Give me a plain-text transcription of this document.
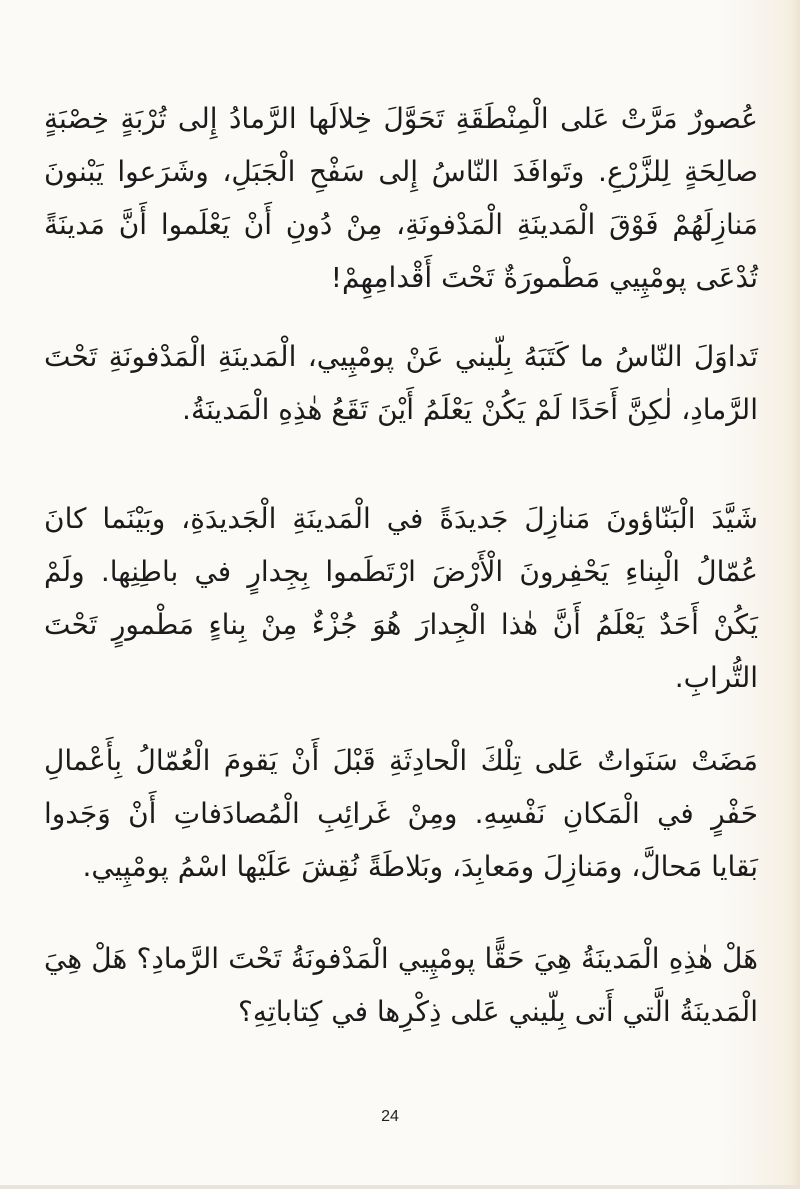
عُصورٌ مَرَّتْ عَلى الْمِنْطَقَةِ تَحَوَّلَ خِلالَها الرَّمادُ إِلى تُرْبَةٍ خِصْبَةٍ
صالِحَةٍ لِلزَّرْعِ. وتَوافَدَ النّاسُ إِلى سَفْحِ الْجَبَلِ، وشَرَعوا يَبْنونَ
مَنازِلَهُمْ فَوْقَ الْمَدينَةِ الْمَدْفونَةِ، مِنْ دُونِ أَنْ يَعْلَموا أَنَّ مَدينَةً
تُدْعَى پومْپِيي مَطْمورَةٌ تَحْتَ أَقْدامِهِمْ!
تَداوَلَ النّاسُ ما كَتَبَهُ بِلّيني عَنْ پومْپِيي، الْمَدينَةِ الْمَدْفونَةِ تَحْتَ
الرَّمادِ، لٰكِنَّ أَحَدًا لَمْ يَكُنْ يَعْلَمُ أَيْنَ تَقَعُ هٰذِهِ الْمَدينَةُ.
شَيَّدَ الْبَنّاؤونَ مَنازِلَ جَديدَةً في الْمَدينَةِ الْجَديدَةِ، وبَيْنَما كانَ
عُمّالُ الْبِناءِ يَحْفِرونَ الْأَرْضَ ارْتَطَموا بِجِدارٍ في باطِنِها. ولَمْ
يَكُنْ أَحَدٌ يَعْلَمُ أَنَّ هٰذا الْجِدارَ هُوَ جُزْءٌ مِنْ بِناءٍ مَطْمورٍ تَحْتَ
التُّرابِ.
مَضَتْ سَنَواتٌ عَلى تِلْكَ الْحادِثَةِ قَبْلَ أَنْ يَقومَ الْعُمّالُ بِأَعْمالِ
حَفْرٍ في الْمَكانِ نَفْسِهِ. ومِنْ غَرائِبِ الْمُصادَفاتِ أَنْ وَجَدوا
بَقايا مَحالَّ، ومَنازِلَ ومَعابِدَ، وبَلاطَةً نُقِشَ عَلَيْها اسْمُ پومْپِيي.
هَلْ هٰذِهِ الْمَدينَةُ هِيَ حَقًّا پومْپِيي الْمَدْفونَةُ تَحْتَ الرَّمادِ؟ هَلْ هِيَ
الْمَدينَةُ الَّتي أَتى بِلّيني عَلى ذِكْرِها في كِتاباتِهِ؟
24
